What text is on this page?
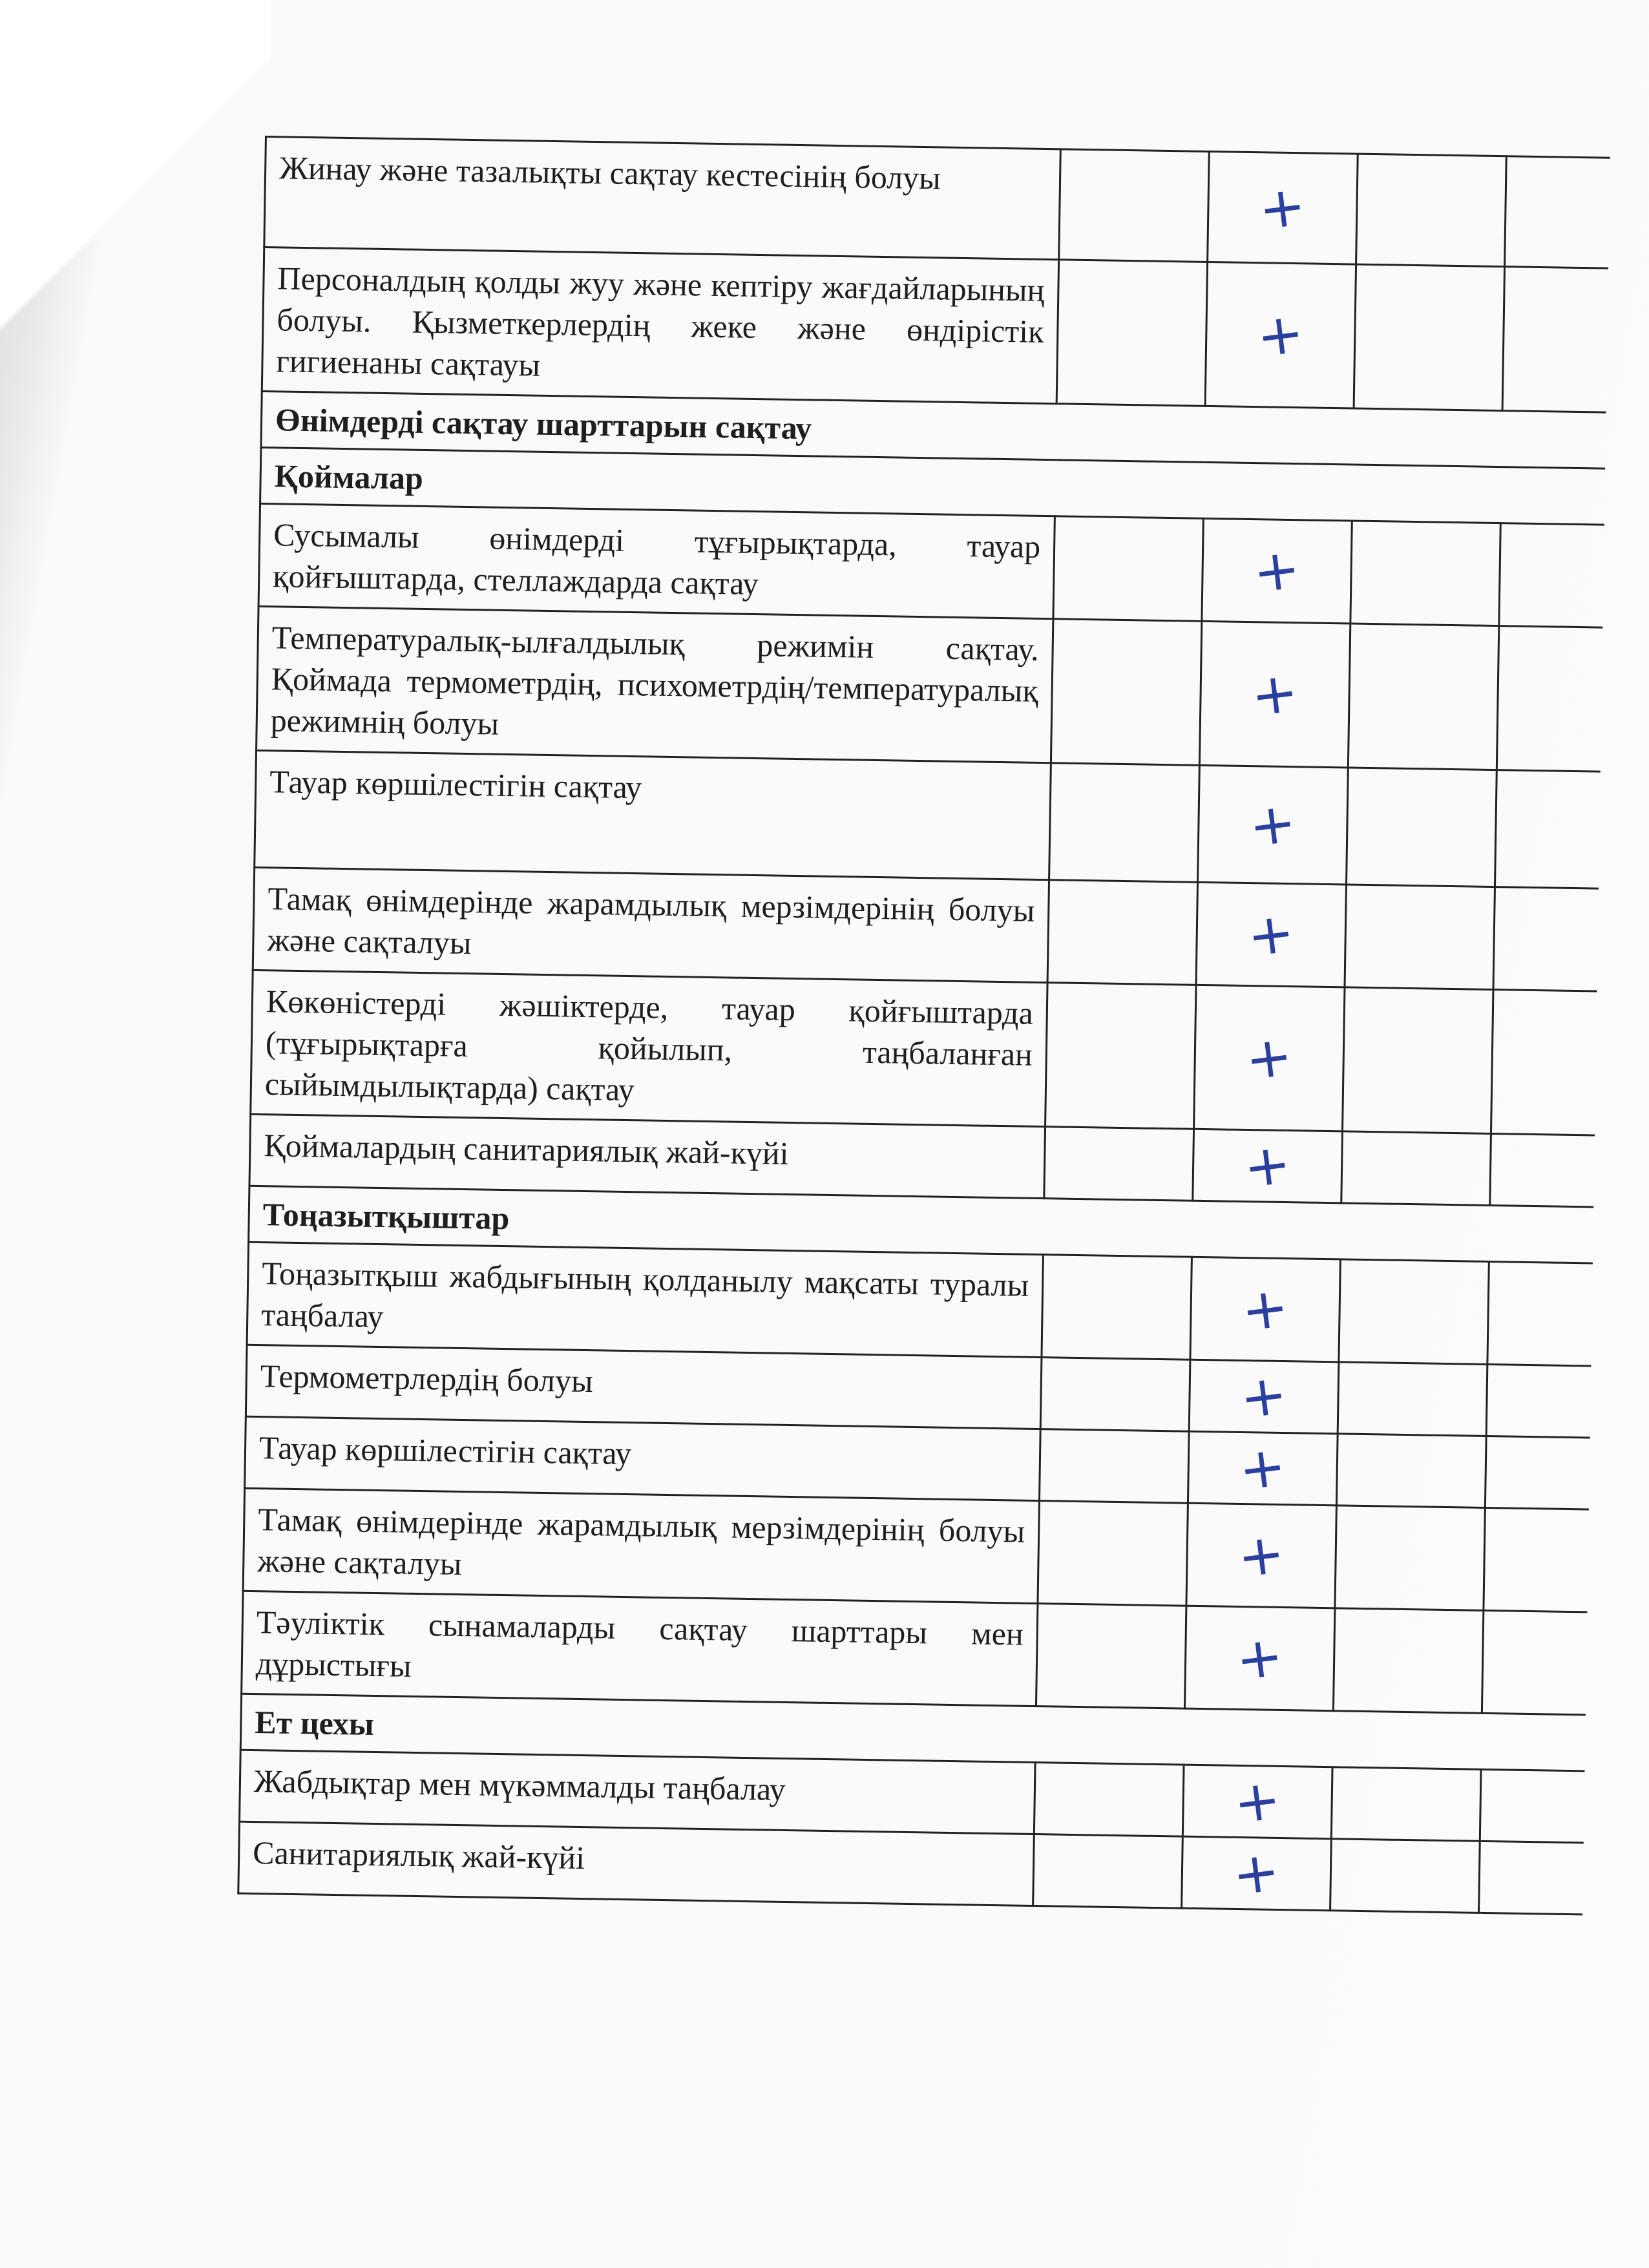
Жинау және тазалықты сақтау кестесінің болуы		+		
Персоналдың қолды жуу және кептіру жағдайларының болуы. Қызметкерлердің жеке және өндірістік гигиенаны сақтауы		+		
Өнімдерді сақтау шарттарын сақтау				
Қоймалар				
Сусымалы өнімдерді тұғырықтарда, тауар қойғыштарда, стеллаждарда сақтау		+		
Температуралық-ылғалдылық режимін сақтау. Қоймада термометрдің, психометрдің/температуралық режимнің болуы		+		
Тауар көршілестігін сақтау		+		
Тамақ өнімдерінде жарамдылық мерзімдерінің болуы және сақталуы		+		
Көкөністерді жәшіктерде, тауар қойғыштарда (тұғырықтарға қойылып, таңбаланған сыйымдылықтарда) сақтау		+		
Қоймалардың санитариялық жай-күйі		+		
Тоңазытқыштар				
Тоңазытқыш жабдығының қолданылу мақсаты туралы таңбалау		+		
Термометрлердің болуы		+		
Тауар көршілестігін сақтау		+		
Тамақ өнімдерінде жарамдылық мерзімдерінің болуы және сақталуы		+		
Тәуліктік сынамаларды сақтау шарттары мен дұрыстығы		+		
Ет цехы				
Жабдықтар мен мүкәммалды таңбалау		+		
Санитариялық жай-күйі		+		
